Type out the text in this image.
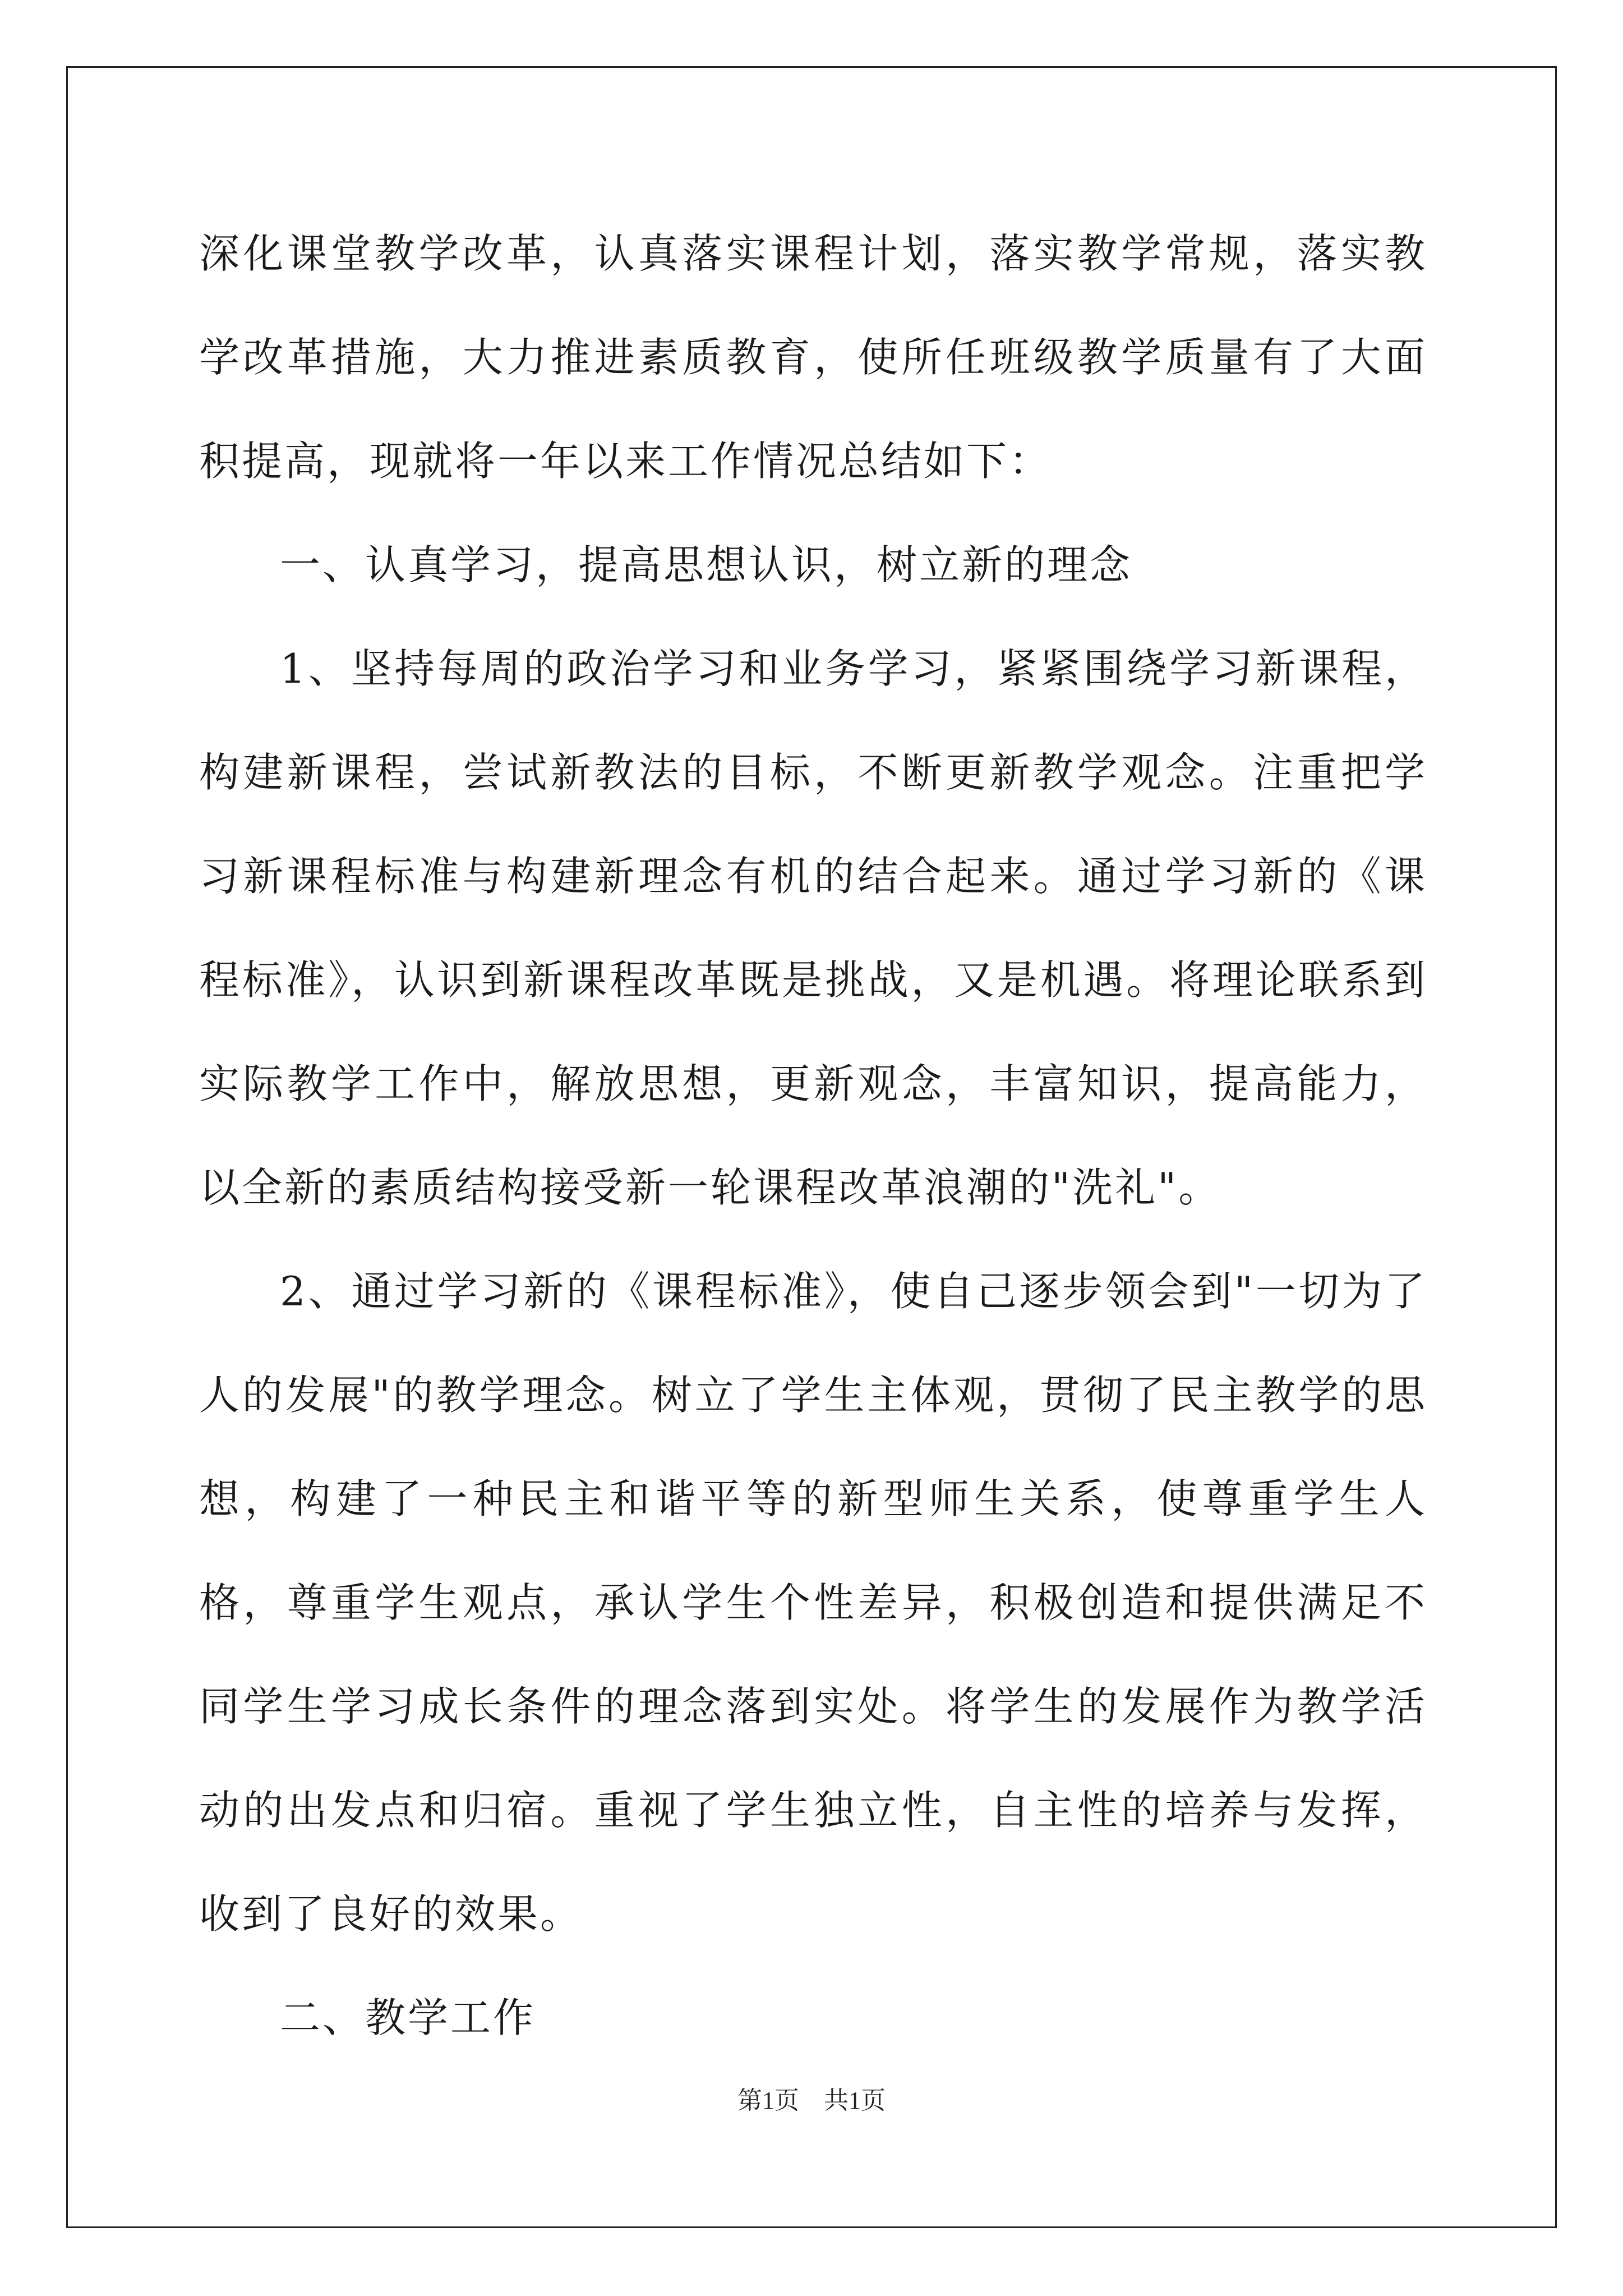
深化课堂教学改革，认真落实课程计划，落实教学常规，落实教学改革措施，大力推进素质教育，使所任班级教学质量有了大面积提高，现就将一年以来工作情况总结如下：

一、认真学习，提高思想认识，树立新的理念

1、坚持每周的政治学习和业务学习，紧紧围绕学习新课程，构建新课程，尝试新教法的目标，不断更新教学观念。注重把学习新课程标准与构建新理念有机的结合起来。通过学习新的《课程标准》，认识到新课程改革既是挑战，又是机遇。将理论联系到实际教学工作中，解放思想，更新观念，丰富知识，提高能力，以全新的素质结构接受新一轮课程改革浪潮的"洗礼"。

2、通过学习新的《课程标准》，使自己逐步领会到"一切为了人的发展"的教学理念。树立了学生主体观，贯彻了民主教学的思想，构建了一种民主和谐平等的新型师生关系，使尊重学生人格，尊重学生观点，承认学生个性差异，积极创造和提供满足不同学生学习成长条件的理念落到实处。将学生的发展作为教学活动的出发点和归宿。重视了学生独立性，自主性的培养与发挥，收到了良好的效果。

二、教学工作

第1页　共1页
